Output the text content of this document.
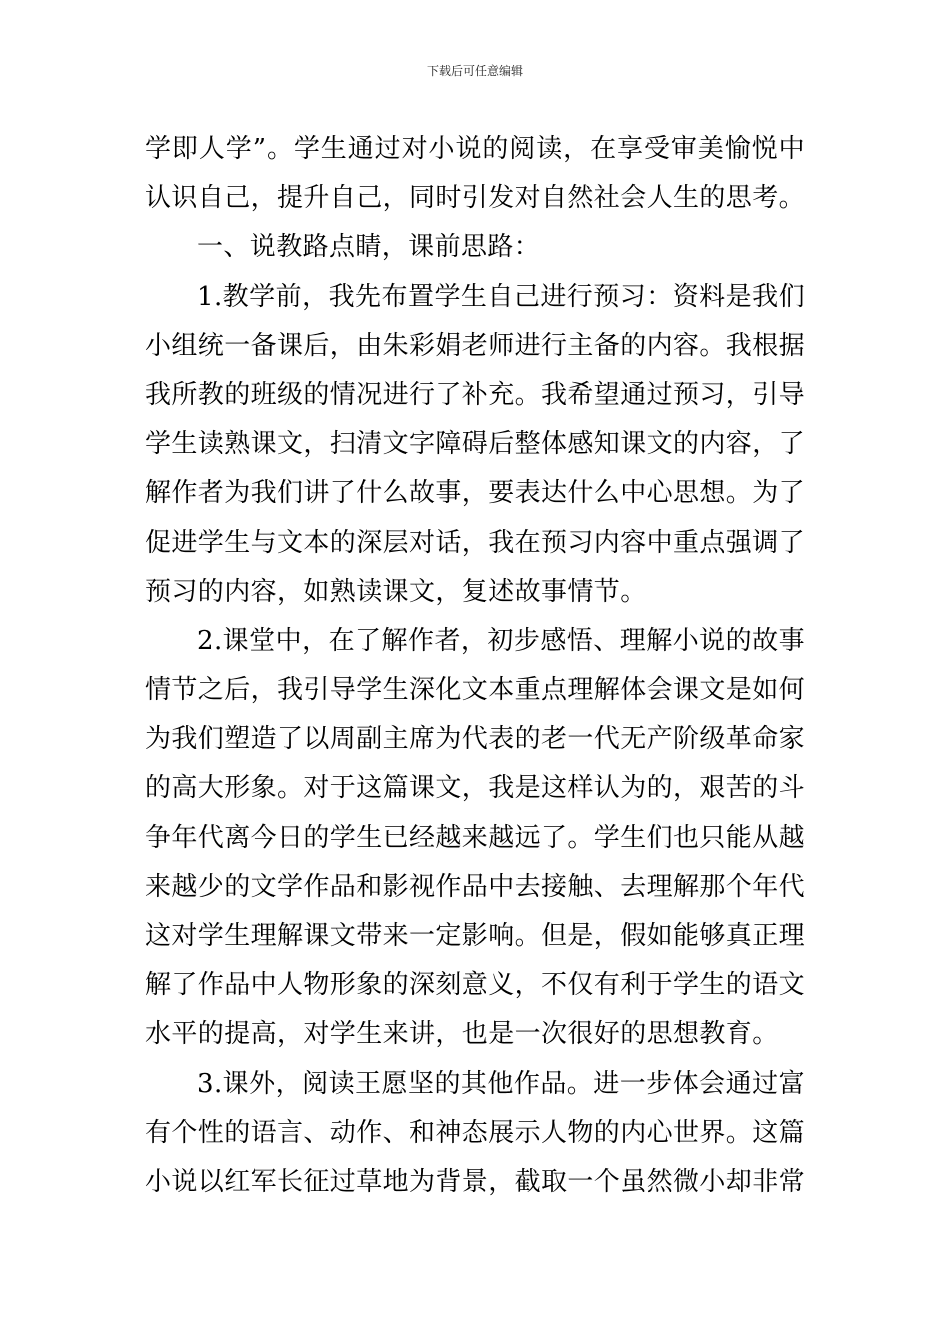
下载后可任意编辑
学即人学”。学生通过对小说的阅读，在享受审美愉悦中
认识自己，提升自己，同时引发对自然社会人生的思考。
一、说教路点睛，课前思路：
1.教学前，我先布置学生自己进行预习：资料是我们
小组统一备课后，由朱彩娟老师进行主备的内容。我根据
我所教的班级的情况进行了补充。我希望通过预习，引导
学生读熟课文，扫清文字障碍后整体感知课文的内容，了
解作者为我们讲了什么故事，要表达什么中心思想。为了
促进学生与文本的深层对话，我在预习内容中重点强调了
预习的内容，如熟读课文，复述故事情节。
2.课堂中，在了解作者，初步感悟、理解小说的故事
情节之后，我引导学生深化文本重点理解体会课文是如何
为我们塑造了以周副主席为代表的老一代无产阶级革命家
的高大形象。对于这篇课文，我是这样认为的，艰苦的斗
争年代离今日的学生已经越来越远了。学生们也只能从越
来越少的文学作品和影视作品中去接触、去理解那个年代
这对学生理解课文带来一定影响。但是，假如能够真正理
解了作品中人物形象的深刻意义，不仅有利于学生的语文
水平的提高，对学生来讲，也是一次很好的思想教育。
3.课外，阅读王愿坚的其他作品。进一步体会通过富
有个性的语言、动作、和神态展示人物的内心世界。这篇
小说以红军长征过草地为背景，截取一个虽然微小却非常
